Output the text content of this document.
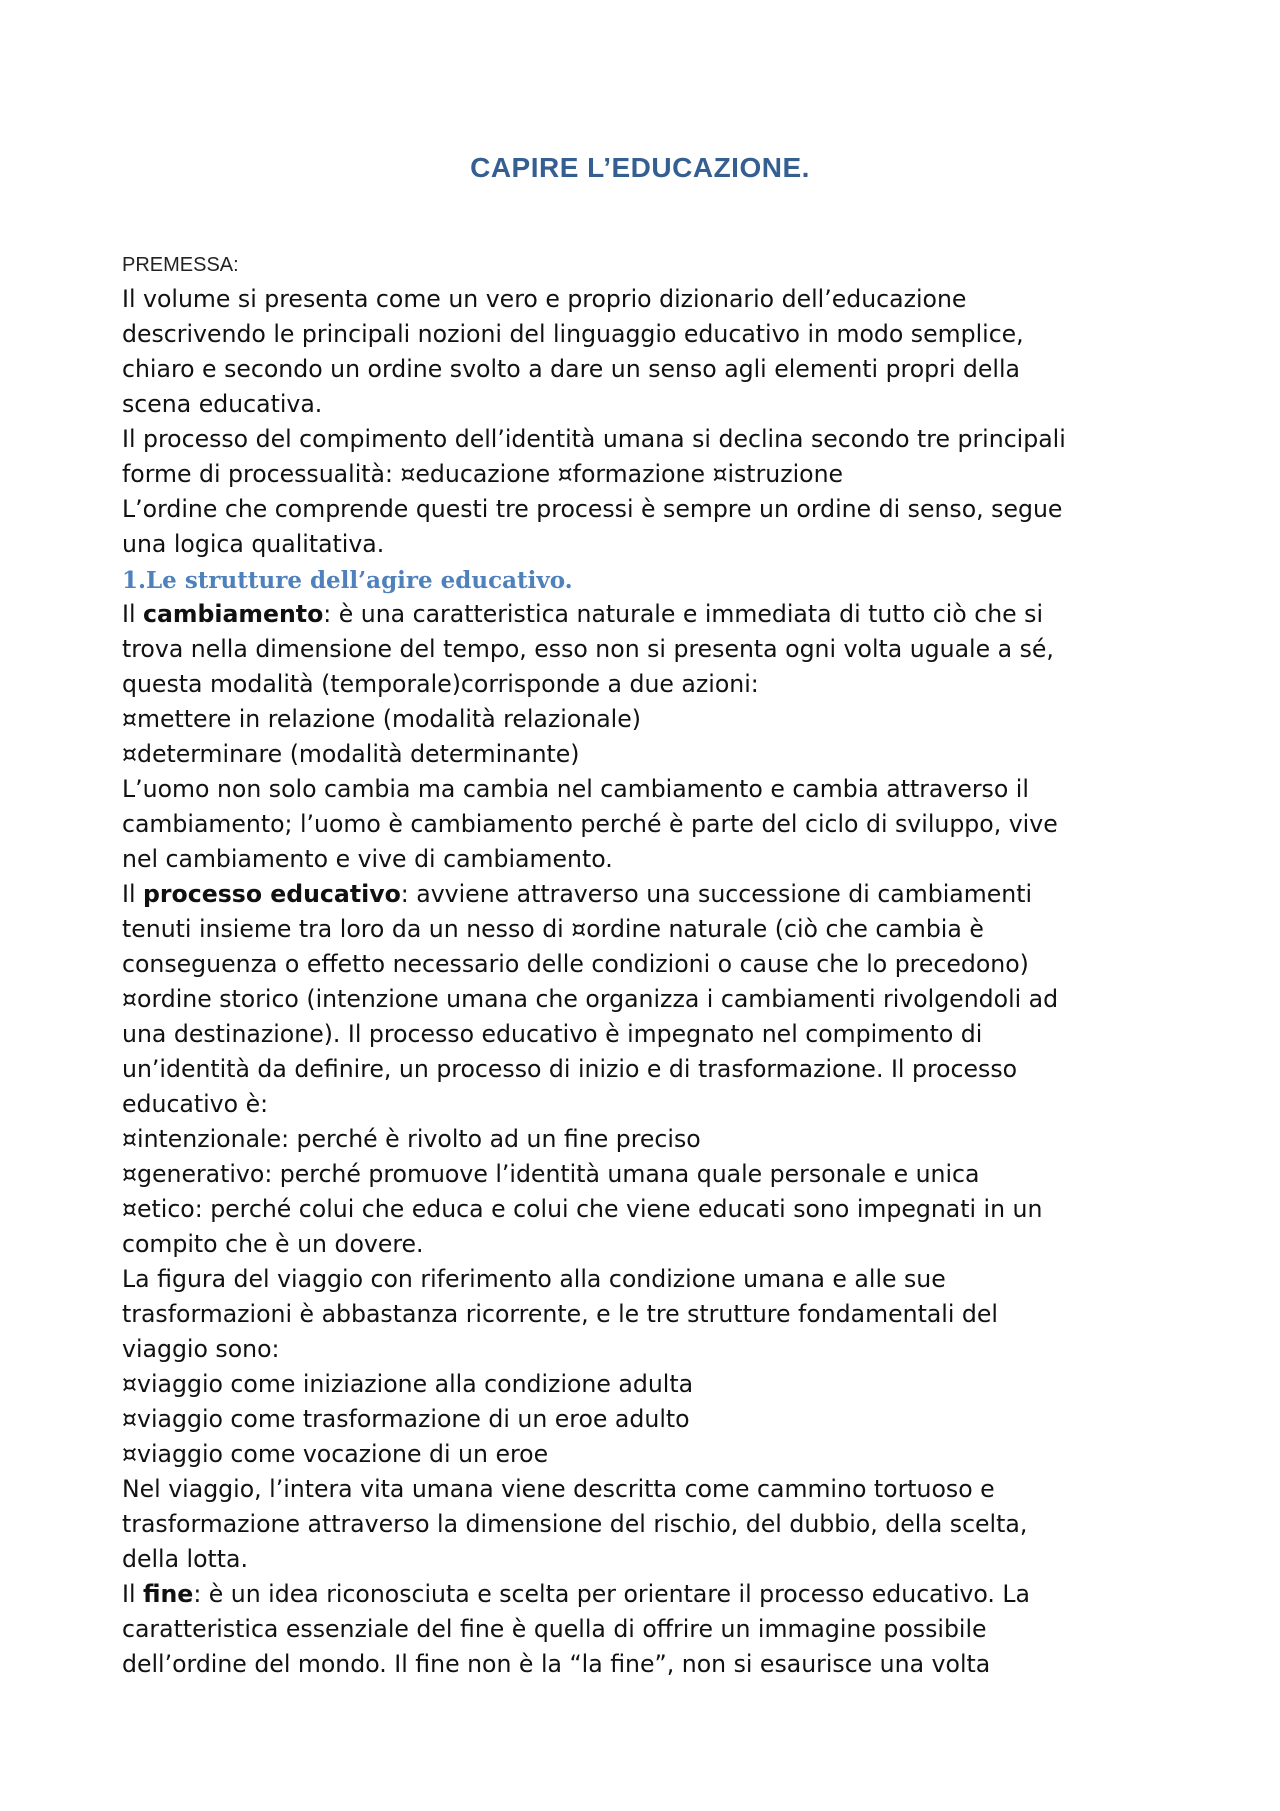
CAPIRE L’EDUCAZIONE.
PREMESSA:
Il volume si presenta come un vero e proprio dizionario dell’educazione
descrivendo le principali nozioni del linguaggio educativo in modo semplice,
chiaro e secondo un ordine svolto a dare un senso agli elementi propri della
scena educativa.
Il processo del compimento dell’identità umana si declina secondo tre principali
forme di processualità: ¤educazione ¤formazione ¤istruzione
L’ordine che comprende questi tre processi è sempre un ordine di senso, segue
una logica qualitativa.
1.Le strutture dell’agire educativo.
Il cambiamento: è una caratteristica naturale e immediata di tutto ciò che si
trova nella dimensione del tempo, esso non si presenta ogni volta uguale a sé,
questa modalità (temporale)corrisponde a due azioni:
¤mettere in relazione (modalità relazionale)
¤determinare (modalità determinante)
L’uomo non solo cambia ma cambia nel cambiamento e cambia attraverso il
cambiamento; l’uomo è cambiamento perché è parte del ciclo di sviluppo, vive
nel cambiamento e vive di cambiamento.
Il processo educativo: avviene attraverso una successione di cambiamenti
tenuti insieme tra loro da un nesso di ¤ordine naturale (ciò che cambia è
conseguenza o effetto necessario delle condizioni o cause che lo precedono)
¤ordine storico (intenzione umana che organizza i cambiamenti rivolgendoli ad
una destinazione). Il processo educativo è impegnato nel compimento di
un’identità da definire, un processo di inizio e di trasformazione. Il processo
educativo è:
¤intenzionale: perché è rivolto ad un fine preciso
¤generativo: perché promuove l’identità umana quale personale e unica
¤etico: perché colui che educa e colui che viene educati sono impegnati in un
compito che è un dovere.
La figura del viaggio con riferimento alla condizione umana e alle sue
trasformazioni è abbastanza ricorrente, e le tre strutture fondamentali del
viaggio sono:
¤viaggio come iniziazione alla condizione adulta
¤viaggio come trasformazione di un eroe adulto
¤viaggio come vocazione di un eroe
Nel viaggio, l’intera vita umana viene descritta come cammino tortuoso e
trasformazione attraverso la dimensione del rischio, del dubbio, della scelta,
della lotta.
Il fine: è un idea riconosciuta e scelta per orientare il processo educativo. La
caratteristica essenziale del fine è quella di offrire un immagine possibile
dell’ordine del mondo. Il fine non è la “la fine”, non si esaurisce una volta
